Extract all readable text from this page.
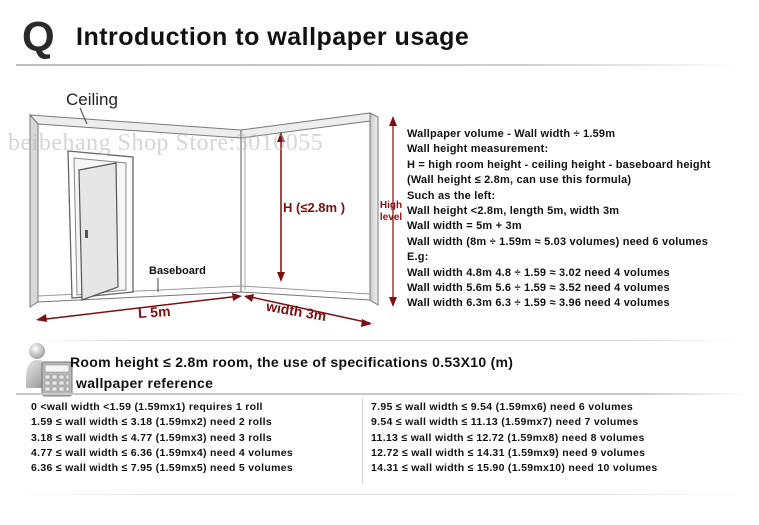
Q Introduction to wallpaper usage
beibehang Shop Store:3010055
Ceiling
Baseboard
H (≤2.8m )	High
level
L 5m	width 3m
Wallpaper volume - Wall width ÷ 1.59m
Wall height measurement:
H = high room height - ceiling height - baseboard height
(Wall height ≤ 2.8m, can use this formula)
Such as the left:
Wall height <2.8m, length 5m, width 3m
Wall width = 5m + 3m
Wall width (8m ÷ 1.59m ≈ 5.03 volumes) need 6 volumes
E.g:
Wall width 4.8m 4.8 ÷ 1.59 ≈ 3.02 need 4 volumes
Wall width 5.6m 5.6 ÷ 1.59 ≈ 3.52 need 4 volumes
Wall width 6.3m 6.3 ÷ 1.59 ≈ 3.96 need 4 volumes
Room height ≤ 2.8m room, the use of specifications 0.53X10 (m)
wallpaper reference
0 <wall width <1.59 (1.59mx1) requires 1 roll
1.59 ≤ wall width ≤ 3.18 (1.59mx2) need 2 rolls
3.18 ≤ wall width ≤ 4.77 (1.59mx3) need 3 rolls
4.77 ≤ wall width ≤ 6.36 (1.59mx4) need 4 volumes
6.36 ≤ wall width ≤ 7.95 (1.59mx5) need 5 volumes
7.95 ≤ wall width ≤ 9.54 (1.59mx6) need 6 volumes
9.54 ≤ wall width ≤ 11.13 (1.59mx7) need 7 volumes
11.13 ≤ wall width ≤ 12.72 (1.59mx8) need 8 volumes
12.72 ≤ wall width ≤ 14.31 (1.59mx9) need 9 volumes
14.31 ≤ wall width ≤ 15.90 (1.59mx10) need 10 volumes
